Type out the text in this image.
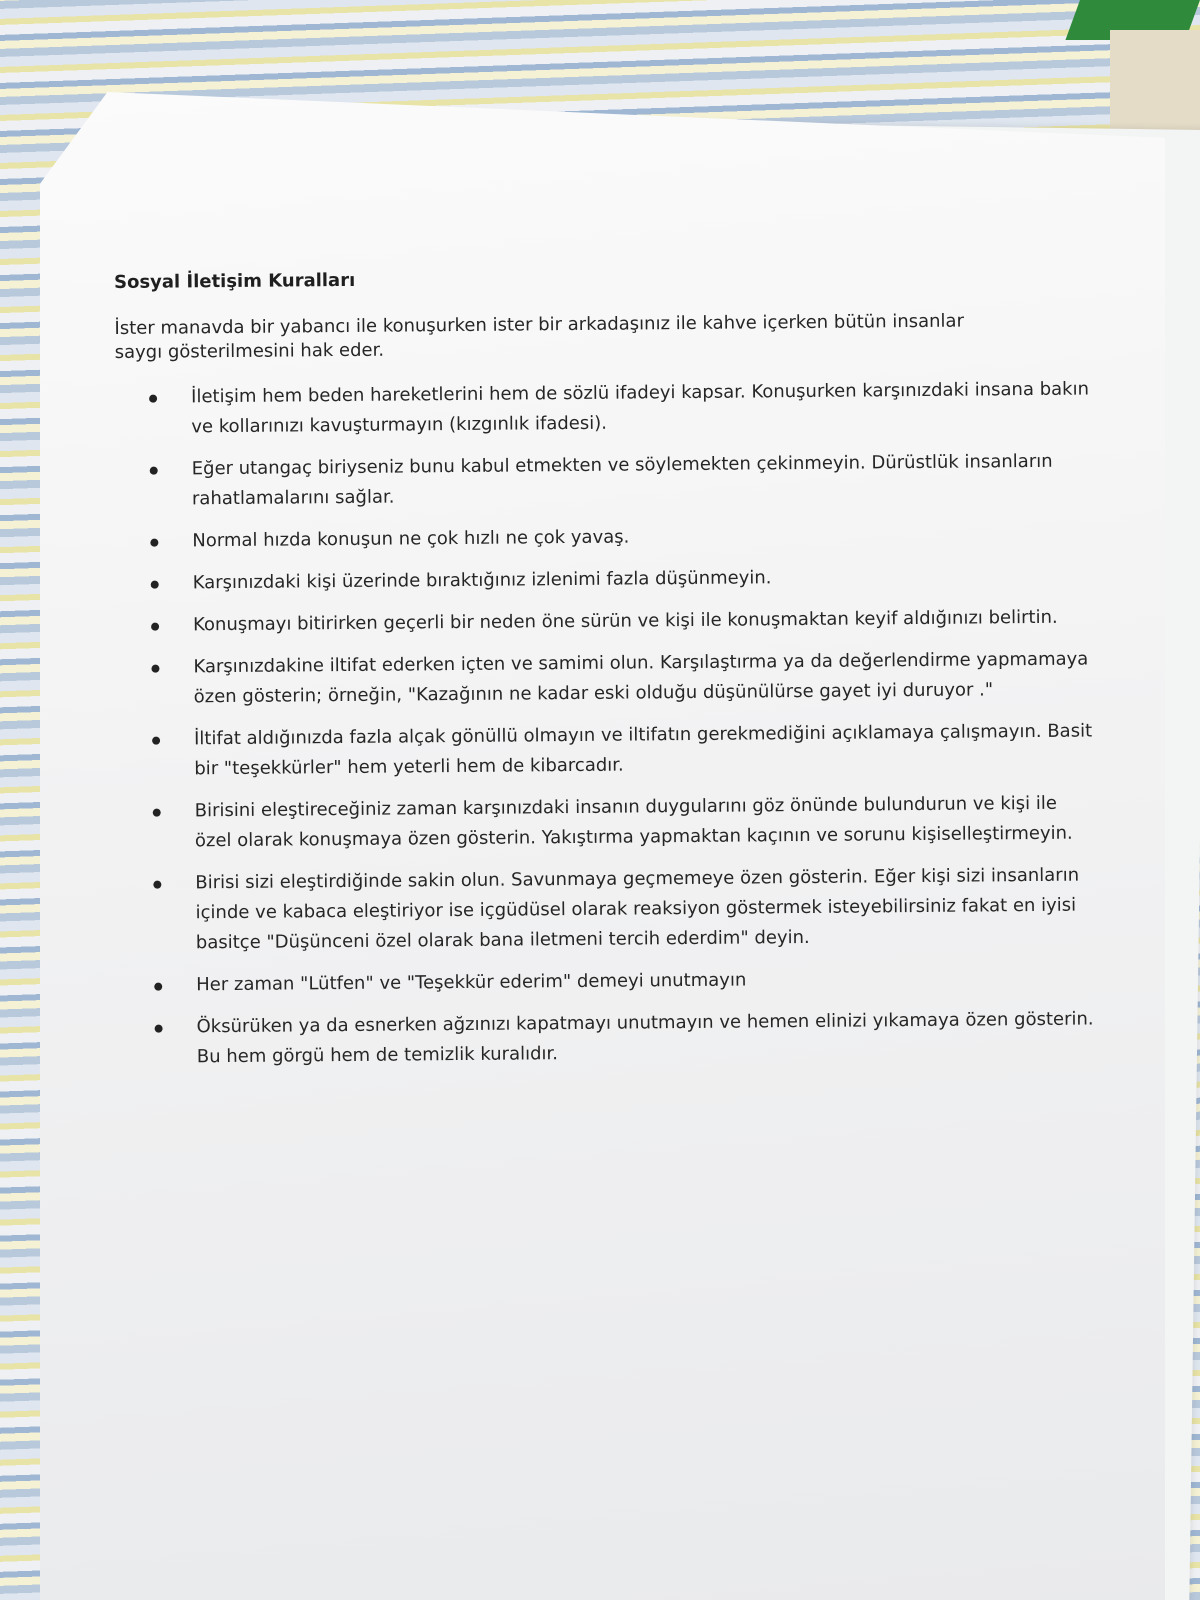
Sosyal İletişim Kuralları

İster manavda bir yabancı ile konuşurken ister bir arkadaşınız ile kahve içerken bütün insanlar saygı gösterilmesini hak eder.

İletişim hem beden hareketlerini hem de sözlü ifadeyi kapsar. Konuşurken karşınızdaki insana bakın ve kollarınızı kavuşturmayın (kızgınlık ifadesi).
Eğer utangaç biriyseniz bunu kabul etmekten ve söylemekten çekinmeyin. Dürüstlük insanların rahatlamalarını sağlar.
Normal hızda konuşun ne çok hızlı ne çok yavaş.
Karşınızdaki kişi üzerinde bıraktığınız izlenimi fazla düşünmeyin.
Konuşmayı bitirirken geçerli bir neden öne sürün ve kişi ile konuşmaktan keyif aldığınızı belirtin.
Karşınızdakine iltifat ederken içten ve samimi olun. Karşılaştırma ya da değerlendirme yapmamaya özen gösterin; örneğin, "Kazağının ne kadar eski olduğu düşünülürse gayet iyi duruyor ."
İltifat aldığınızda fazla alçak gönüllü olmayın ve iltifatın gerekmediğini açıklamaya çalışmayın. Basit bir "teşekkürler" hem yeterli hem de kibarcadır.
Birisini eleştireceğiniz zaman karşınızdaki insanın duygularını göz önünde bulundurun ve kişi ile özel olarak konuşmaya özen gösterin. Yakıştırma yapmaktan kaçının ve sorunu kişiselleştirmeyin.
Birisi sizi eleştirdiğinde sakin olun. Savunmaya geçmemeye özen gösterin. Eğer kişi sizi insanların içinde ve kabaca eleştiriyor ise içgüdüsel olarak reaksiyon göstermek isteyebilirsiniz fakat en iyisi basitçe "Düşünceni özel olarak bana iletmeni tercih ederdim" deyin.
Her zaman "Lütfen" ve "Teşekkür ederim" demeyi unutmayın
Öksürüken ya da esnerken ağzınızı kapatmayı unutmayın ve hemen elinizi yıkamaya özen gösterin. Bu hem görgü hem de temizlik kuralıdır.
